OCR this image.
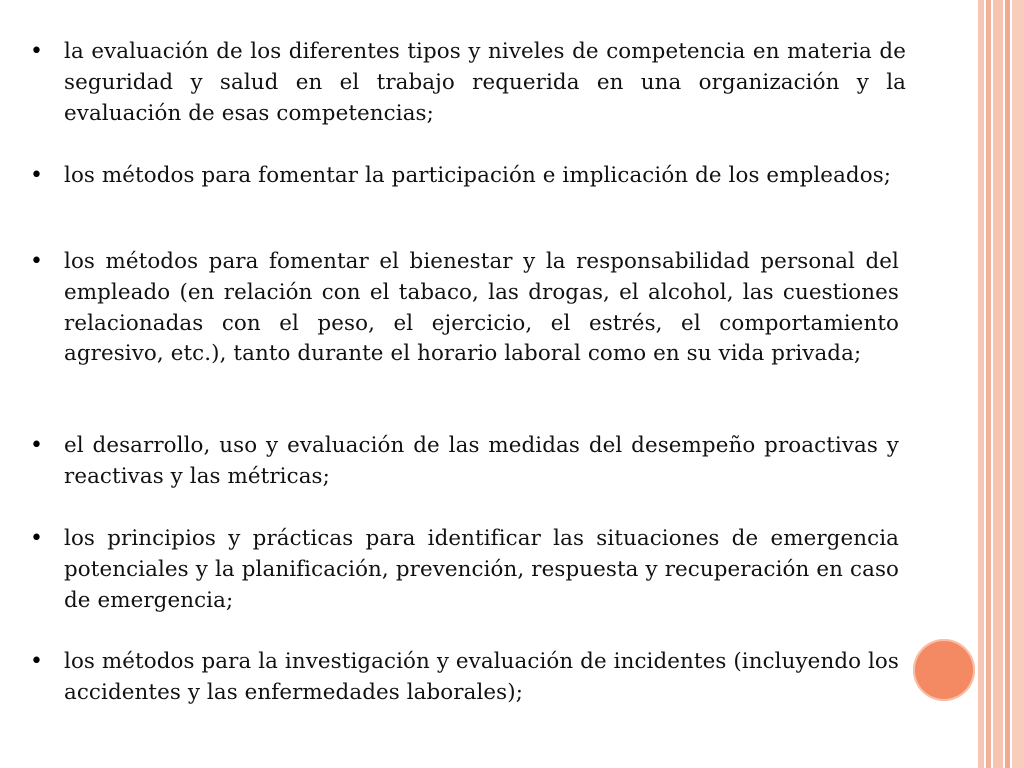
• la evaluación de los diferentes tipos y niveles de competencia en materia de seguridad y salud en el trabajo requerida en una organización y la evaluación de esas competencias;
• los métodos para fomentar la participación e implicación de los empleados;
• los métodos para fomentar el bienestar y la responsabilidad personal del empleado (en relación con el tabaco, las drogas, el alcohol, las cuestiones relacionadas con el peso, el ejercicio, el estrés, el comportamiento agresivo, etc.), tanto durante el horario laboral como en su vida privada;
• el desarrollo, uso y evaluación de las medidas del desempeño proactivas y reactivas y las métricas;
• los principios y prácticas para identificar las situaciones de emergencia potenciales y la planificación, prevención, respuesta y recuperación en caso de emergencia;
• los métodos para la investigación y evaluación de incidentes (incluyendo los accidentes y las enfermedades laborales);
